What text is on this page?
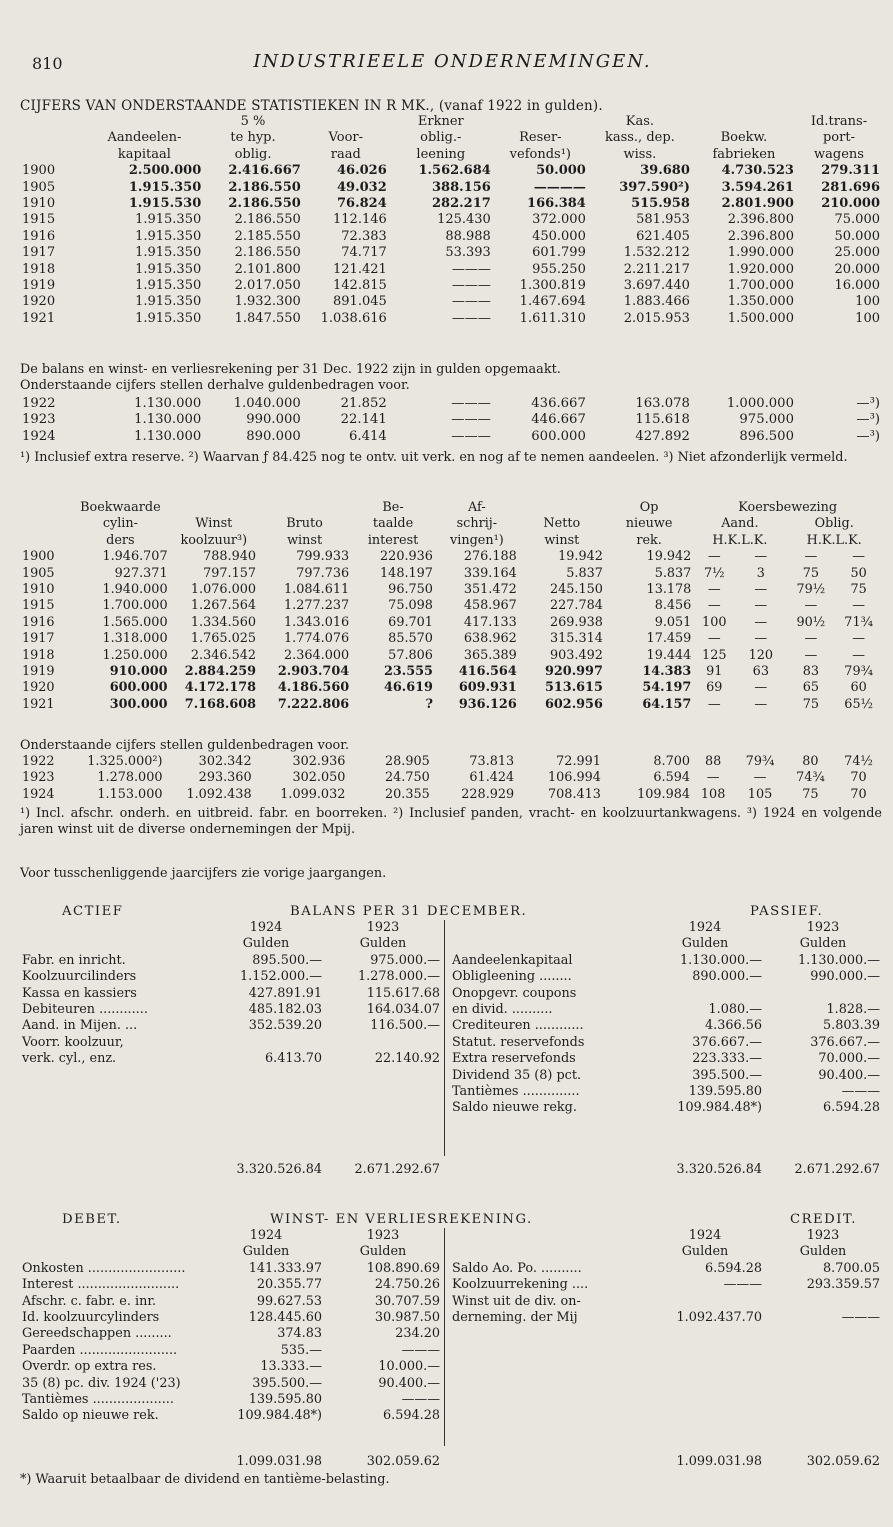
810	INDUSTRIEELE ONDERNEMINGEN.
CIJFERS VAN ONDERSTAANDE STATISTIEKEN IN R MK., (vanaf 1922 in gulden).
		5 %		Erkner		Kas.		Id.trans-
	Aandeelen-	te hyp.	Voor-	oblig.-	Reser-	kass., dep.	Boekw.	port-
	kapitaal	oblig.	raad	leening	vefonds¹)	wiss.	fabrieken	wagens
1900	2.500.000	2.416.667	46.026	1.562.684	50.000	39.680	4.730.523	279.311
1905	1.915.350	2.186.550	49.032	388.156	————	397.590²)	3.594.261	281.696
1910	1.915.530	2.186.550	76.824	282.217	166.384	515.958	2.801.900	210.000
1915	1.915.350	2.186.550	112.146	125.430	372.000	581.953	2.396.800	75.000
1916	1.915.350	2.185.550	72.383	88.988	450.000	621.405	2.396.800	50.000
1917	1.915.350	2.186.550	74.717	53.393	601.799	1.532.212	1.990.000	25.000
1918	1.915.350	2.101.800	121.421	———	955.250	2.211.217	1.920.000	20.000
1919	1.915.350	2.017.050	142.815	———	1.300.819	3.697.440	1.700.000	16.000
1920	1.915.350	1.932.300	891.045	———	1.467.694	1.883.466	1.350.000	100
1921	1.915.350	1.847.550	1.038.616	———	1.611.310	2.015.953	1.500.000	100
De balans en winst- en verliesrekening per 31 Dec. 1922 zijn in gulden opgemaakt.
Onderstaande cijfers stellen derhalve guldenbedragen voor.
1922	1.130.000	1.040.000	21.852	———	436.667	163.078	1.000.000	—³)
1923	1.130.000	990.000	22.141	———	446.667	115.618	975.000	—³)
1924	1.130.000	890.000	6.414	———	600.000	427.892	896.500	—³)
¹) Inclusief extra reserve. ²) Waarvan ƒ 84.425 nog te ontv. uit verk. en nog af te nemen aandeelen. ³) Niet afzonderlijk vermeld.
	Boekwaarde			Be-	Af-		Op	Koersbewezing			
	cylin-	Winst	Bruto	taalde	schrij-	Netto	nieuwe	Aand.		Oblig.	
	ders	koolzuur³)	winst	interest	vingen¹)	winst	rek.	H.K.L.K.		H.K.L.K.	
1900	1.946.707	788.940	799.933	220.936	276.188	19.942	19.942	—	—	—	—
1905	927.371	797.157	797.736	148.197	339.164	5.837	5.837	7½	3	75	50
1910	1.940.000	1.076.000	1.084.611	96.750	351.472	245.150	13.178	—	—	79½	75
1915	1.700.000	1.267.564	1.277.237	75.098	458.967	227.784	8.456	—	—	—	—
1916	1.565.000	1.334.560	1.343.016	69.701	417.133	269.938	9.051	100	—	90½	71¾
1917	1.318.000	1.765.025	1.774.076	85.570	638.962	315.314	17.459	—	—	—	—
1918	1.250.000	2.346.542	2.364.000	57.806	365.389	903.492	19.444	125	120	—	—
1919	910.000	2.884.259	2.903.704	23.555	416.564	920.997	14.383	91	63	83	79¾
1920	600.000	4.172.178	4.186.560	46.619	609.931	513.615	54.197	69	—	65	60
1921	300.000	7.168.608	7.222.806	?	936.126	602.956	64.157	—	—	75	65½
Onderstaande cijfers stellen guldenbedragen voor.
1922	1.325.000²)	302.342	302.936	28.905	73.813	72.991	8.700	88	79¾	80	74½
1923	1.278.000	293.360	302.050	24.750	61.424	106.994	6.594	—	—	74¾	70
1924	1.153.000	1.092.438	1.099.032	20.355	228.929	708.413	109.984	108	105	75	70
¹) Incl. afschr. onderh. en uitbreid. fabr. en boorreken. ²) Inclusief panden, vracht- en koolzuurtankwagens. ³) 1924 en volgende jaren winst uit de diverse ondernemingen der Mpij.
Voor tusschenliggende jaarcijfers zie vorige jaargangen.
ACTIEF	BALANS PER 31 DECEMBER.	PASSIEF.
	1924	1923
	Gulden	Gulden
Fabr. en inricht.	895.500.—	975.000.—
Koolzuurcilinders	1.152.000.—	1.278.000.—
Kassa en kassiers	427.891.91	115.617.68
Debiteuren ............	485.182.03	164.034.07
Aand. in Mijen. ...	352.539.20	116.500.—
Voorr. koolzuur,		
verk. cyl., enz.	6.413.70	22.140.92
	1924	1923
	Gulden	Gulden
Aandeelenkapitaal	1.130.000.—	1.130.000.—
Obligleening ........	890.000.—	990.000.—
Onopgevr. coupons		
en divid. ..........	1.080.—	1.828.—
Crediteuren ............	4.366.56	5.803.39
Statut. reservefonds	376.667.—	376.667.—
Extra reservefonds	223.333.—	70.000.—
Dividend 35 (8) pct.	395.500.—	90.400.—
Tantièmes ..............	139.595.80	———
Saldo nieuwe rekg.	109.984.48*)	6.594.28
	3.320.526.84	2.671.292.67
		3.320.526.84	2.671.292.67
DEBET.	WINST- EN VERLIESREKENING.	CREDIT.
	1924	1923
	Gulden	Gulden
Onkosten ........................	141.333.97	108.890.69
Interest .........................	20.355.77	24.750.26
Afschr. c. fabr. e. inr.	99.627.53	30.707.59
Id. koolzuurcylinders	128.445.60	30.987.50
Gereedschappen .........	374.83	234.20
Paarden ........................	535.—	———
Overdr. op extra res.	13.333.—	10.000.—
35 (8) pc. div. 1924 ('23)	395.500.—	90.400.—
Tantièmes ....................	139.595.80	———
Saldo op nieuwe rek.	109.984.48*)	6.594.28
	1924	1923
	Gulden	Gulden
Saldo Ao. Po. ..........	6.594.28	8.700.05
Koolzuurrekening ....	———	293.359.57
Winst uit de div. on-		
derneming. der Mij	1.092.437.70	———
	1.099.031.98	302.059.62
		1.099.031.98	302.059.62
*) Waaruit betaalbaar de dividend en tantième-belasting.
